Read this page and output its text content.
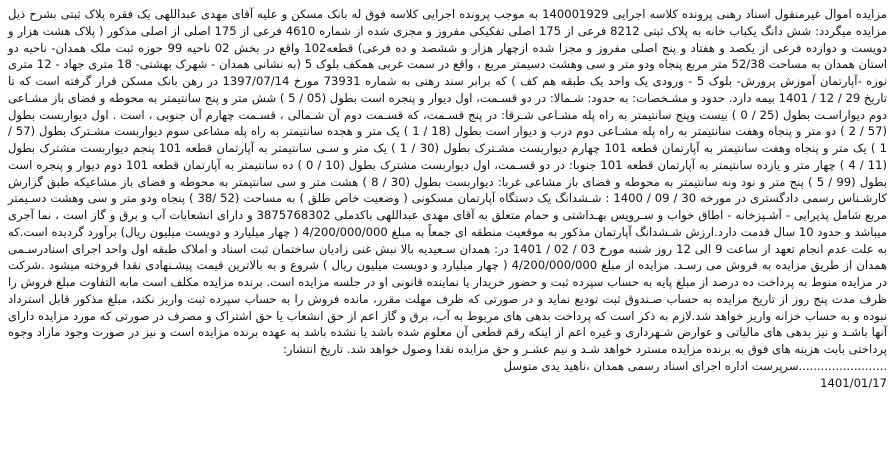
مزایده اموال غیرمنقول اسناد رهنی پرونده کلاسه اجرایی 140001929 به موجب پرونده اجرایی کلاسه فوق له بانک مسکن و علیه آقای مهدی عبداللهی یک فقره پلاک ثبتی بشرح ذیل مزایده میگردد: شش دانگ یکباب خانه به پلاک ثبتی 8212 فرعی از 175 اصلی تفکیکی مفروز و مجزی شده از شماره 4610 فرعی از 175 اصلی از اصلی مذکور ( پلاک هشت هزار و دویست و دوازده فرعی از یکصد و هفتاد و پنج اصلی مفروز و مجزا شده ازچهار هزار و ششصد و ده فرعی) قطعه102 واقع در بخش 02 ناحیه 99 حوزه ثبت ملک همدان- ناحیه دو استان همدان به مساحت 52/38 متر مربع پنجاه ودو متر و سی وهشت دسیمتر مربع ، واقع در سمت غربی همکف بلوک 5 (به نشانی همدان - شهرک بهشتی- 18 متری جهاد - 12 متری نوزه -آپارتمان آموزش پرورش- بلوک 5 - ورودی یک واحد یک طبقه هم کف ) که برابر سند رهنی به شماره 73931 مورخ 1397/07/14 در رهن بانک مسکن قرار گرفته است که تا تاریخ 29 / 12 / 1401 بیمه دارد. حدود و مشـخصات: به حدود: شـمالا: در دو قسـمت، اول دیوار و پنجره است بطول (05 / 5 ) شش متر و پنج سانتیمتر به محوطه و فضای باز مشـاعی دوم دیواراسـت بطول (25 / 0 ) بیست وپنج سانتیمتر به راه پله مشـاعی شـرقا: در پنج قسـمت، که قسـمت دوم آن شـمالی ، قسـمت چهارم آن جنوبی ، است . اول دیواربست بطول (57 / 2 ) دو متر و پنجاه وهفت سانتیمتر به راه پله مشـاعی دوم درب و دیوار است بطول (18 / 1 ) یک متر و هجده سانتیمتر به راه پله مشاعی سوم دیواربست مشـترک بطول (57 / 1 ) یک متر و پنجاه وهفت سانتیمتر به آپارتمان قطعه 101 چهارم دیواربست مشـترک بطول (30 / 1 ) یک متر و سـی سانتیمتر به آپارتمان قطعه 101 پنجم دیواربست مشترک بطول (11 / 4 ) چهار متر و یازده سانتیمتر به آپارتمان قطعه 101 جنوبا: در دو قسـمت، اول دیواربست مشترک بطول (10 / 0 ) ده سانتیمتر به آپارتمان قطعه 101 دوم دیوار و پنجره است بطول (99 / 5 ) پنج متر و نود ونه سانتیمتر به محوطه و فضای باز مشاعی غربا: دیواربست بطول (30 / 8 ) هشت متر و سی سانتیمتر به محوطه و فضای باز مشاعیکه طبق گزارش کارشـناس رسمی دادگستری در مورخه 30 / 09 / 1400 : شـشدانگ یک دستگاه آپارتمان مسکونی ( وضعیت خاص طلق ) به مساحت (52 /38 ) پنجاه ودو متر و سی وهشت دسـیمتر مربع شامل پذیرایی - آشـپزخانه - اطاق خواب و سـرویس بهـداشتی و حمام متعلق به آقای مهدی عبداللهی باکدملی 3875768302 و دارای انشعابات آب و برق و گاز است ، نما آجری میباشد و حدود 10 سال قدمت دارد.ارزش شـشدانگ آپارتمان مذکور به موقعیت منطقه ای جمعاً به مبلغ 4/200/000/000 ( چهار میلیارد و دویست میلیون ریال) برآورد گردیده است.که به علت عدم انجام تعهد از ساعت 9 الی 12 روز شنبه مورخ 03 / 02 / 1401 در: همدان سـعیدیه بالا نبش غنی زادیان ساختمان ثبت اسناد و املاک طبقه اول واحد اجرای اسنادرسـمی همدان از طریق مزایده به فروش می رسـد. مزایده از مبلغ 4/200/000/000 ( چهار میلیارد و دویست میلیون ریال ) شروع و به بالاترین قیمت پیشـنهادی نقدا فروخته میشود .شرکت در مزایده منوط به پرداخت ده درصد از مبلغ پایه به حساب سپرده ثبت و حضور خریدار یا نماینده قانونی او در جلسه مزایده است. برنده مزایده مکلف است مابه التفاوت مبلغ فروش را ظرف مدت پنج روز از تاریخ مزایده به حساب صـندوق ثبت تودیع نماید و در صورتی که ظرف مهلت مقرر، مانده فروش را به حساب سپرده ثبت واریز نکند، مبلغ مذکور قابل استرداد نبوده و به حساب خزانه واریز خواهد شد.لازم به ذکر است که پرداخت بدهی های مربوط به آب، برق و گاز اعم از حق انشعاب یا حق اشتراک و مصرف در صورتی که مورد مزایده دارای آنها باشـد و نیز بدهی های مالیاتی و عوارض شـهرداری و غیره اعم از اینکه رقم قطعی آن معلوم شده باشد یا نشده باشد به عهده برنده مزایده است و نیز در صورت وجود مازاد وجوه پرداختی بابت هزینه های فوق به برنده مزایده مسترد خواهد شـد و نیم عشـر و حق مزایده نقدا وصول خواهد شد. تاریخ انتشار:

........................سرپرست اداره اجرای اسناد رسمی همدان ،ناهید یدی متوسل

1401/01/17
